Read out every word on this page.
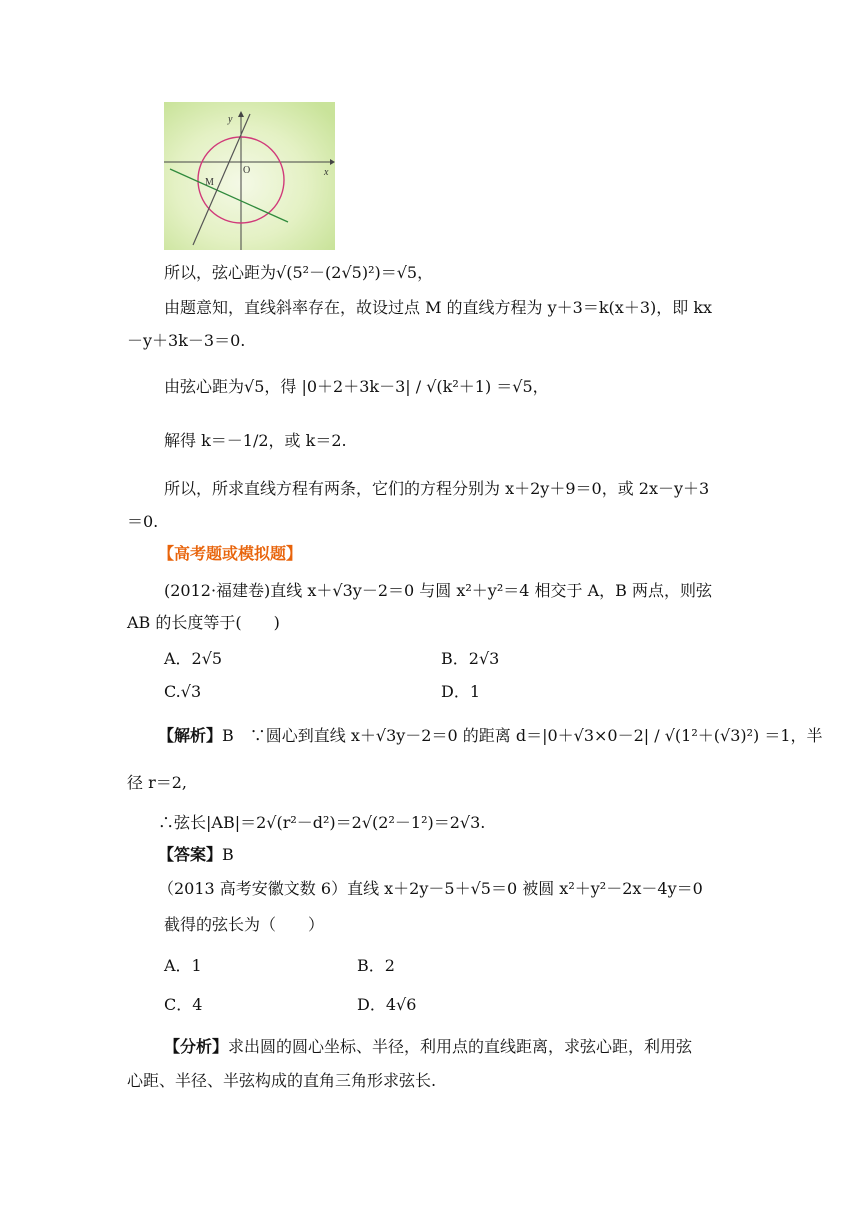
y
x
O
M
所以，弦心距为√(5²－(2√5)²)＝√5，
由题意知，直线斜率存在，故设过点 M 的直线方程为 y＋3＝k(x＋3)，即 kx
－y＋3k－3＝0.
由弦心距为√5，得 |0＋2＋3k－3| / √(k²＋1) ＝√5，
解得 k＝－1/2，或 k＝2.
所以，所求直线方程有两条，它们的方程分别为 x＋2y＋9＝0，或 2x－y＋3
＝0.
【高考题或模拟题】
(2012·福建卷)直线 x＋√3y－2＝0 与圆 x²＋y²＝4 相交于 A，B 两点，则弦
AB 的长度等于(　　)
A．2√5	B．2√3
C.√3	D．1
【解析】B　∵圆心到直线 x＋√3y－2＝0 的距离 d＝|0＋√3×0－2| / √(1²＋(√3)²) ＝1，半
径 r＝2,
∴弦长|AB|＝2√(r²－d²)＝2√(2²－1²)＝2√3.
【答案】B
（2013 高考安徽文数 6）直线 x＋2y－5＋√5＝0 被圆 x²＋y²－2x－4y＝0
截得的弦长为（　　）
A．1	B．2
C．4	D．4√6
【分析】求出圆的圆心坐标、半径，利用点的直线距离，求弦心距，利用弦
心距、半径、半弦构成的直角三角形求弦长.
